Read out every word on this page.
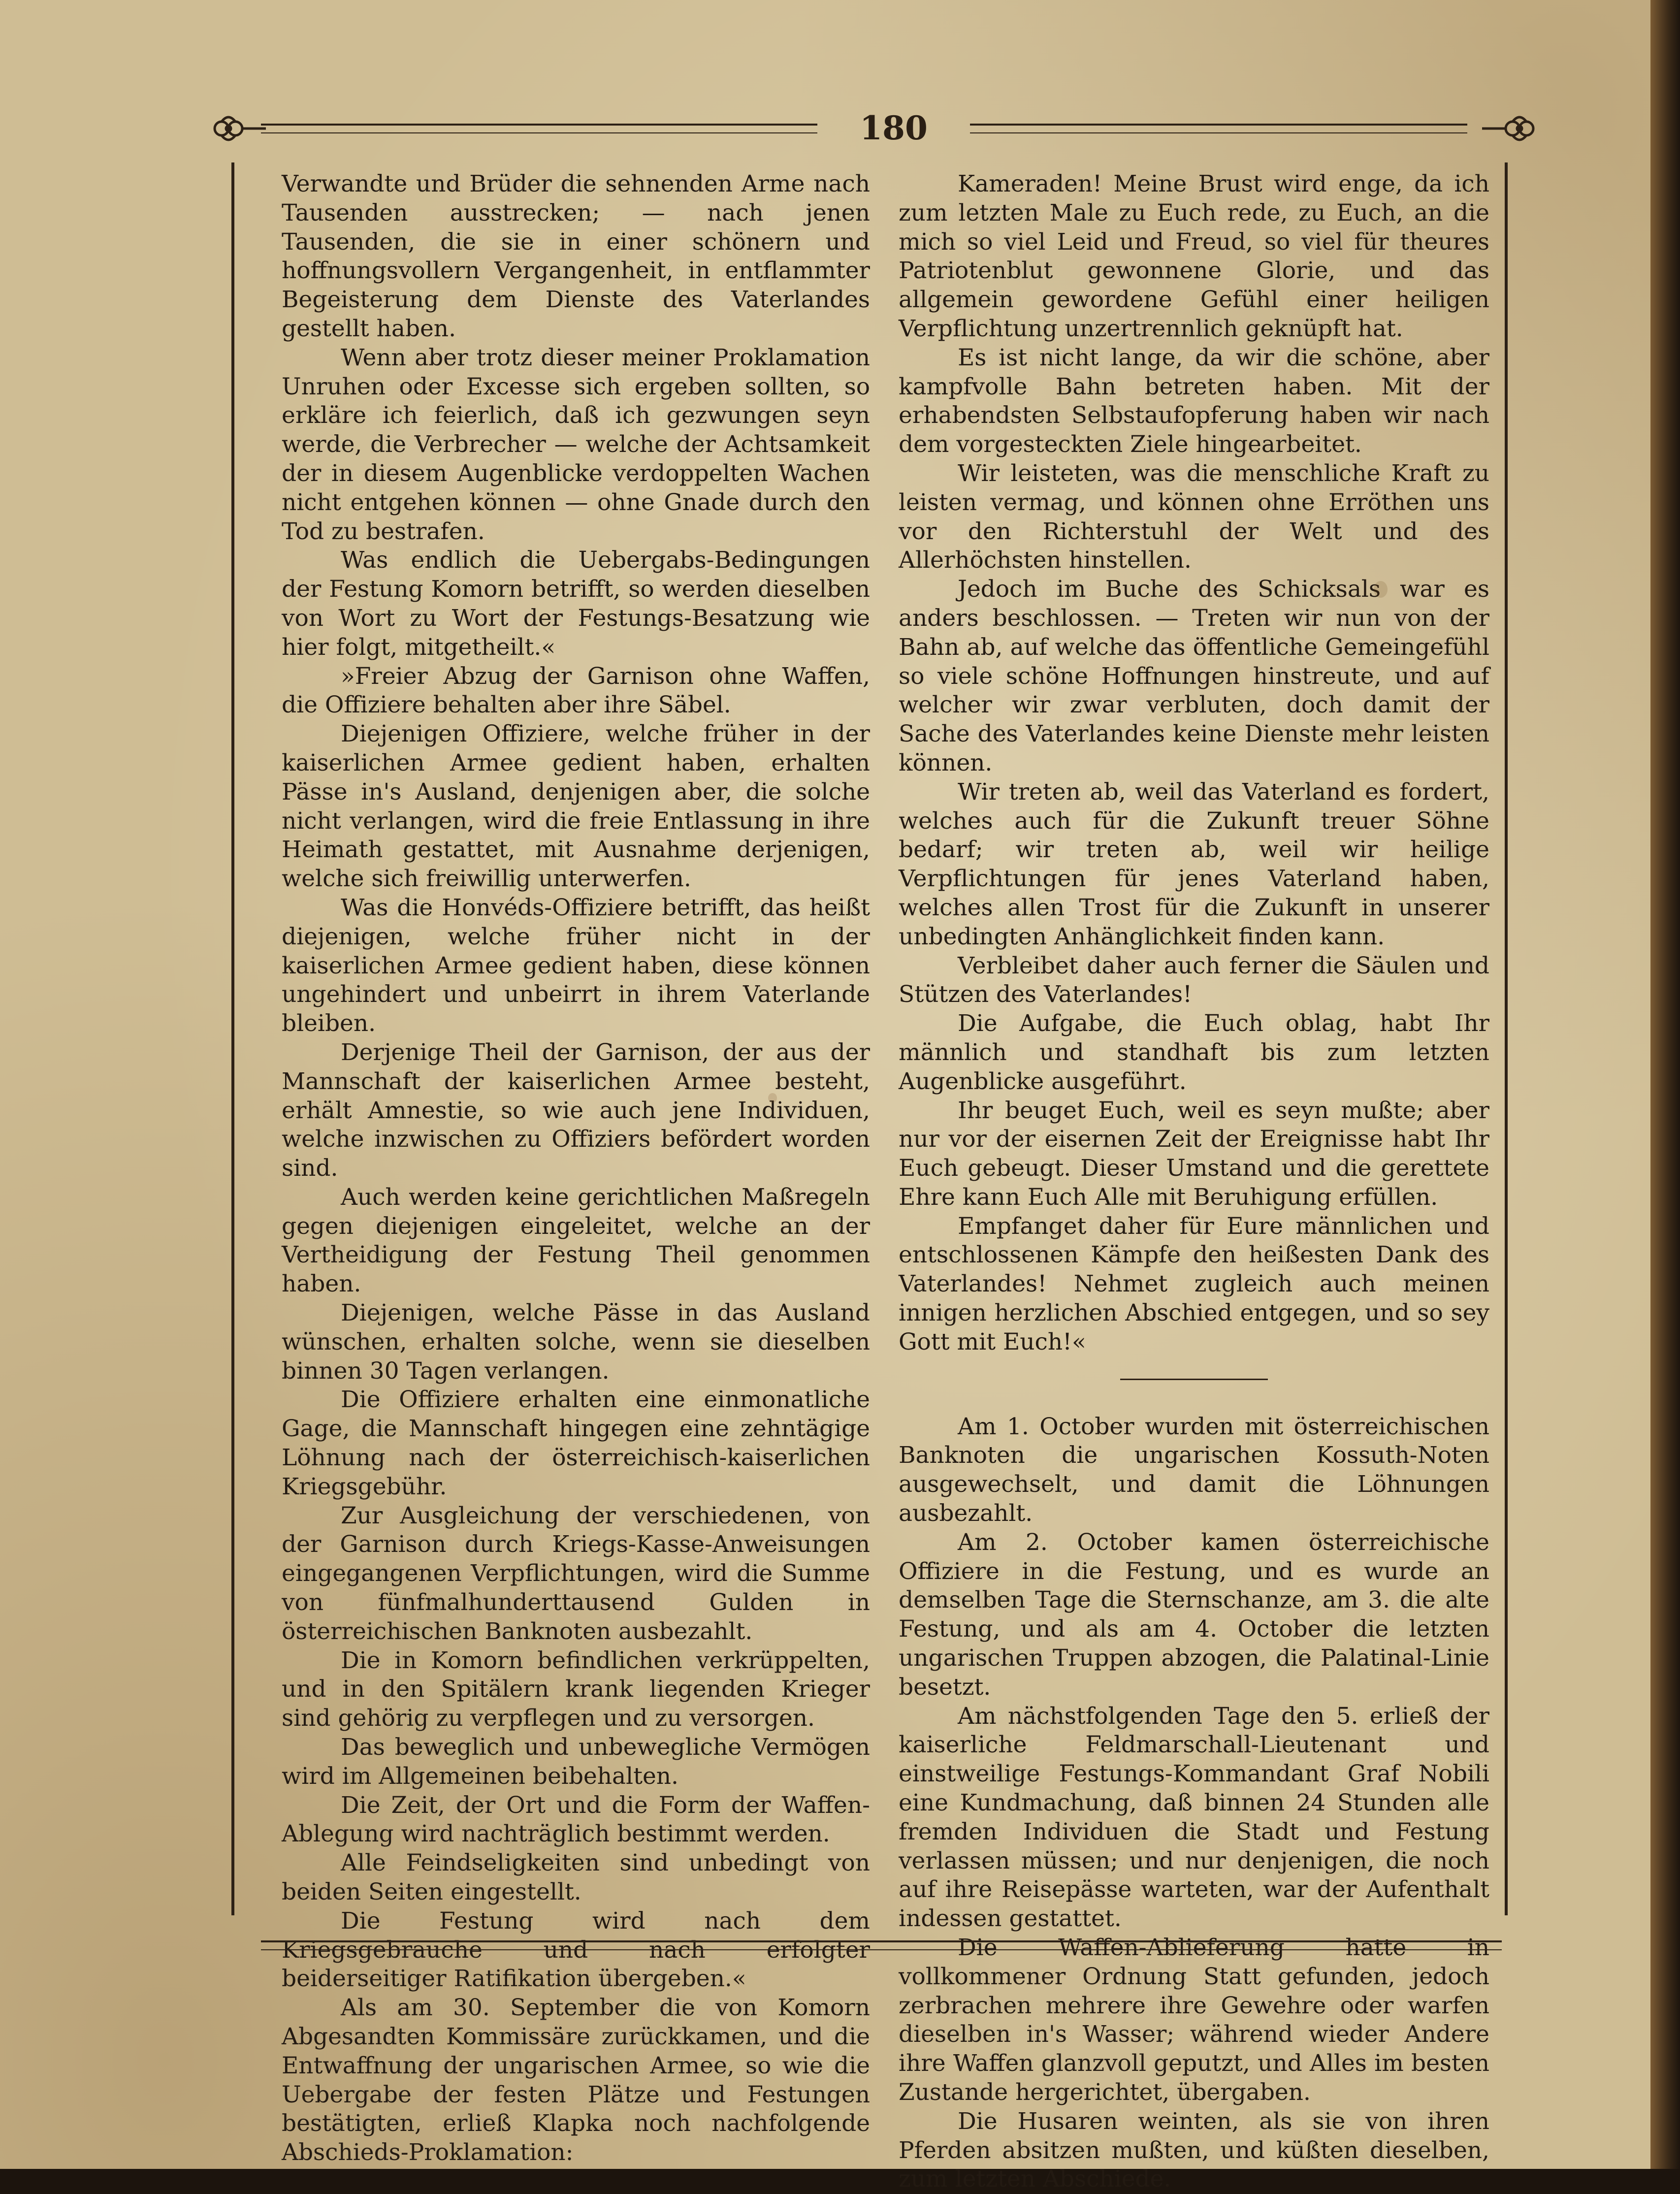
180

Verwandte und Brüder die sehnenden Arme nach Tausenden ausstrecken; — nach jenen Tausenden, die sie in einer schönern und hoffnungsvollern Vergangenheit, in entflammter Begeisterung dem Dienste des Vaterlandes gestellt haben.

Wenn aber trotz dieser meiner Proklamation Unruhen oder Excesse sich ergeben sollten, so erkläre ich feierlich, daß ich gezwungen seyn werde, die Verbrecher — welche der Achtsamkeit der in diesem Augenblicke verdoppelten Wachen nicht entgehen können — ohne Gnade durch den Tod zu bestrafen.

Was endlich die Uebergabs-Bedingungen der Festung Komorn betrifft, so werden dieselben von Wort zu Wort der Festungs-Besatzung wie hier folgt, mitgetheilt.«

»Freier Abzug der Garnison ohne Waffen, die Offiziere behalten aber ihre Säbel.

Diejenigen Offiziere, welche früher in der kaiserlichen Armee gedient haben, erhalten Pässe in's Ausland, denjenigen aber, die solche nicht verlangen, wird die freie Entlassung in ihre Heimath gestattet, mit Ausnahme derjenigen, welche sich freiwillig unterwerfen.

Was die Honvéds-Offiziere betrifft, das heißt diejenigen, welche früher nicht in der kaiserlichen Armee gedient haben, diese können ungehindert und unbeirrt in ihrem Vaterlande bleiben.

Derjenige Theil der Garnison, der aus der Mannschaft der kaiserlichen Armee besteht, erhält Amnestie, so wie auch jene Individuen, welche inzwischen zu Offiziers befördert worden sind.

Auch werden keine gerichtlichen Maßregeln gegen diejenigen eingeleitet, welche an der Vertheidigung der Festung Theil genommen haben.

Diejenigen, welche Pässe in das Ausland wünschen, erhalten solche, wenn sie dieselben binnen 30 Tagen verlangen.

Die Offiziere erhalten eine einmonatliche Gage, die Mannschaft hingegen eine zehntägige Löhnung nach der österreichisch-kaiserlichen Kriegsgebühr.

Zur Ausgleichung der verschiedenen, von der Garnison durch Kriegs-Kasse-Anweisungen eingegangenen Verpflichtungen, wird die Summe von fünfmalhunderttausend Gulden in österreichischen Banknoten ausbezahlt.

Die in Komorn befindlichen verkrüppelten, und in den Spitälern krank liegenden Krieger sind gehörig zu verpflegen und zu versorgen.

Das beweglich und unbewegliche Vermögen wird im Allgemeinen beibehalten.

Die Zeit, der Ort und die Form der Waffen-Ablegung wird nachträglich bestimmt werden.

Alle Feindseligkeiten sind unbedingt von beiden Seiten eingestellt.

Die Festung wird nach dem Kriegsgebrauche und nach erfolgter beiderseitiger Ratifikation übergeben.«

Als am 30. September die von Komorn Abgesandten Kommissäre zurückkamen, und die Entwaffnung der ungarischen Armee, so wie die Uebergabe der festen Plätze und Festungen bestätigten, erließ Klapka noch nachfolgende Abschieds-Proklamation:

Kameraden! Meine Brust wird enge, da ich zum letzten Male zu Euch rede, zu Euch, an die mich so viel Leid und Freud, so viel für theures Patriotenblut gewonnene Glorie, und das allgemein gewordene Gefühl einer heiligen Verpflichtung unzertrennlich geknüpft hat.

Es ist nicht lange, da wir die schöne, aber kampfvolle Bahn betreten haben. Mit der erhabendsten Selbstaufopferung haben wir nach dem vorgesteckten Ziele hingearbeitet.

Wir leisteten, was die menschliche Kraft zu leisten vermag, und können ohne Erröthen uns vor den Richterstuhl der Welt und des Allerhöchsten hinstellen.

Jedoch im Buche des Schicksals war es anders beschlossen. — Treten wir nun von der Bahn ab, auf welche das öffentliche Gemeingefühl so viele schöne Hoffnungen hinstreute, und auf welcher wir zwar verbluten, doch damit der Sache des Vaterlandes keine Dienste mehr leisten können.

Wir treten ab, weil das Vaterland es fordert, welches auch für die Zukunft treuer Söhne bedarf; wir treten ab, weil wir heilige Verpflichtungen für jenes Vaterland haben, welches allen Trost für die Zukunft in unserer unbedingten Anhänglichkeit finden kann.

Verbleibet daher auch ferner die Säulen und Stützen des Vaterlandes!

Die Aufgabe, die Euch oblag, habt Ihr männlich und standhaft bis zum letzten Augenblicke ausgeführt.

Ihr beuget Euch, weil es seyn mußte; aber nur vor der eisernen Zeit der Ereignisse habt Ihr Euch gebeugt. Dieser Umstand und die gerettete Ehre kann Euch Alle mit Beruhigung erfüllen.

Empfanget daher für Eure männlichen und entschlossenen Kämpfe den heißesten Dank des Vaterlandes! Nehmet zugleich auch meinen innigen herzlichen Abschied entgegen, und so sey Gott mit Euch!«

Am 1. October wurden mit österreichischen Banknoten die ungarischen Kossuth-Noten ausgewechselt, und damit die Löhnungen ausbezahlt.

Am 2. October kamen österreichische Offiziere in die Festung, und es wurde an demselben Tage die Sternschanze, am 3. die alte Festung, und als am 4. October die letzten ungarischen Truppen abzogen, die Palatinal-Linie besetzt.

Am nächstfolgenden Tage den 5. erließ der kaiserliche Feldmarschall-Lieutenant und einstweilige Festungs-Kommandant Graf Nobili eine Kundmachung, daß binnen 24 Stunden alle fremden Individuen die Stadt und Festung verlassen müssen; und nur denjenigen, die noch auf ihre Reisepässe warteten, war der Aufenthalt indessen gestattet.

Die Waffen-Ablieferung hatte in vollkommener Ordnung Statt gefunden, jedoch zerbrachen mehrere ihre Gewehre oder warfen dieselben in's Wasser; während wieder Andere ihre Waffen glanzvoll geputzt, und Alles im besten Zustande hergerichtet, übergaben.

Die Husaren weinten, als sie von ihren Pferden absitzen mußten, und küßten dieselben, zum letzten Abschiede.
